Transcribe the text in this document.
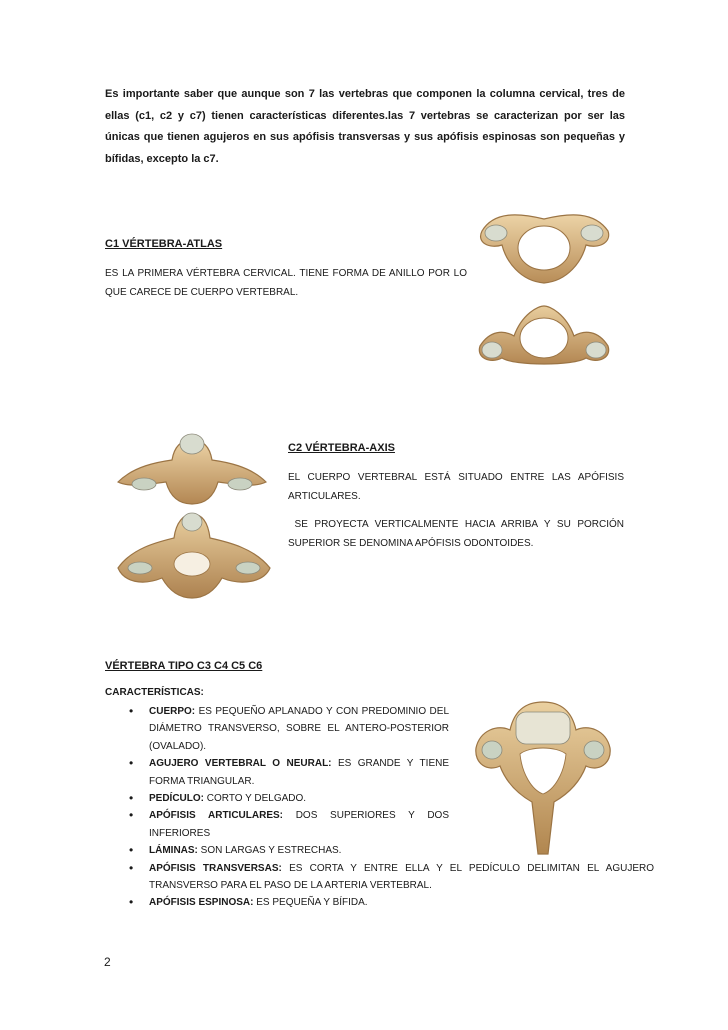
Es importante saber que aunque son 7 las vertebras que componen la columna cervical, tres de ellas (c1, c2 y c7) tienen características diferentes.las 7 vertebras se caracterizan por ser las únicas que tienen agujeros en sus apófisis transversas y sus apófisis espinosas son pequeñas y bífidas, excepto la c7.
C1 VÉRTEBRA-ATLAS
ES LA PRIMERA VÉRTEBRA CERVICAL. TIENE FORMA DE ANILLO POR LO QUE CARECE DE CUERPO VERTEBRAL.
C2 VÉRTEBRA-AXIS
EL CUERPO VERTEBRAL ESTÁ SITUADO ENTRE LAS APÓFISIS ARTICULARES.
SE PROYECTA VERTICALMENTE HACIA ARRIBA Y SU PORCIÓN SUPERIOR SE DENOMINA APÓFISIS ODONTOIDES.
VÉRTEBRA TIPO C3 C4 C5 C6
CARACTERÍSTICAS:
• CUERPO: ES PEQUEÑO APLANADO Y CON PREDOMINIO DEL DIÁMETRO TRANSVERSO, SOBRE EL ANTERO-POSTERIOR (OVALADO).
• AGUJERO VERTEBRAL O NEURAL: ES GRANDE Y TIENE FORMA TRIANGULAR.
• PEDÍCULO: CORTO Y DELGADO.
• APÓFISIS ARTICULARES: DOS SUPERIORES Y DOS INFERIORES
• LÁMINAS: SON LARGAS Y ESTRECHAS.
• APÓFISIS TRANSVERSAS: ES CORTA Y ENTRE ELLA Y EL PEDÍCULO DELIMITAN EL AGUJERO TRANSVERSO PARA EL PASO DE LA ARTERIA VERTEBRAL.
• APÓFISIS ESPINOSA: ES PEQUEÑA Y BÍFIDA.
2
